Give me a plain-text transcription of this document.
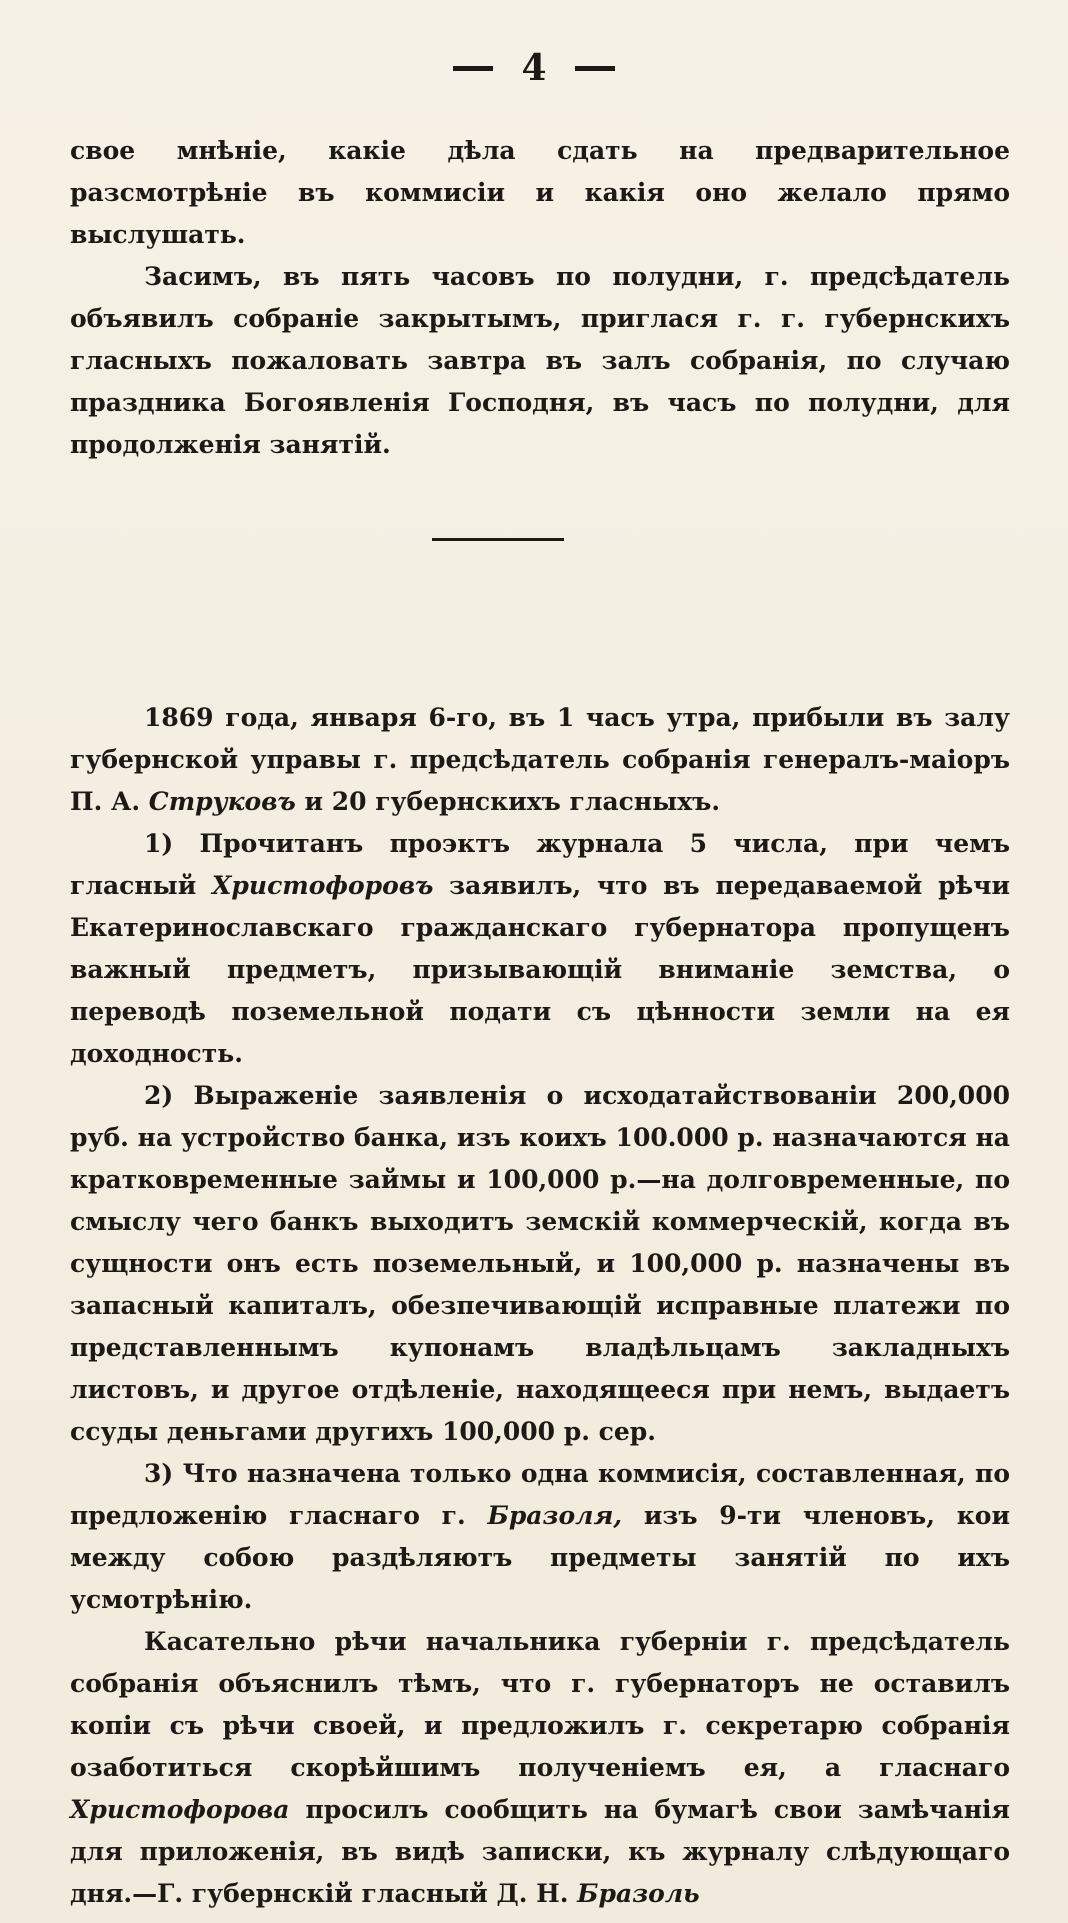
4

свое мнѣніе, какіе дѣла сдать на предварительное разсмотрѣніе въ коммисіи и какія оно желало прямо выслушать.

Засимъ, въ пять часовъ по полудни, г. предсѣдатель объявилъ собраніе закрытымъ, приглася г. г. губернскихъ гласныхъ пожаловать завтра въ залъ собранія, по случаю праздника Богоявленія Господня, въ часъ по полудни, для продолженія занятій.

1869 года, января 6-го, въ 1 часъ утра, прибыли въ залу губернской управы г. предсѣдатель собранія генералъ-маіоръ П. А. Струковъ и 20 губернскихъ гласныхъ.

1) Прочитанъ проэктъ журнала 5 числа, при чемъ гласный Христофоровъ заявилъ, что въ передаваемой рѣчи Екатеринославскаго гражданскаго губернатора пропущенъ важный предметъ, призывающій вниманіе земства, о переводѣ поземельной подати съ цѣнности земли на ея доходность.

2) Выраженіе заявленія о исходатайствованіи 200,000 руб. на устройство банка, изъ коихъ 100.000 р. назначаются на кратковременные займы и 100,000 р.—на долговременные, по смыслу чего банкъ выходитъ земскій коммерческій, когда въ сущности онъ есть поземельный, и 100,000 р. назначены въ запасный капиталъ, обезпечивающій исправные платежи по представленнымъ купонамъ владѣльцамъ закладныхъ листовъ, и другое отдѣленіе, находящееся при немъ, выдаетъ ссуды деньгами другихъ 100,000 р. сер.

3) Что назначена только одна коммисія, составленная, по предложенію гласнаго г. Бразоля, изъ 9-ти членовъ, кои между собою раздѣляютъ предметы занятій по ихъ усмотрѣнію.

Касательно рѣчи начальника губерніи г. предсѣдатель собранія объяснилъ тѣмъ, что г. губернаторъ не оставилъ копіи съ рѣчи своей, и предложилъ г. секретарю собранія озаботиться скорѣйшимъ полученіемъ ея, а гласнаго Христофорова просилъ сообщить на бумагѣ свои замѣчанія для приложенія, въ видѣ записки, къ журналу слѣдующаго дня.—Г. губернскій гласный Д. Н. Бразоль
